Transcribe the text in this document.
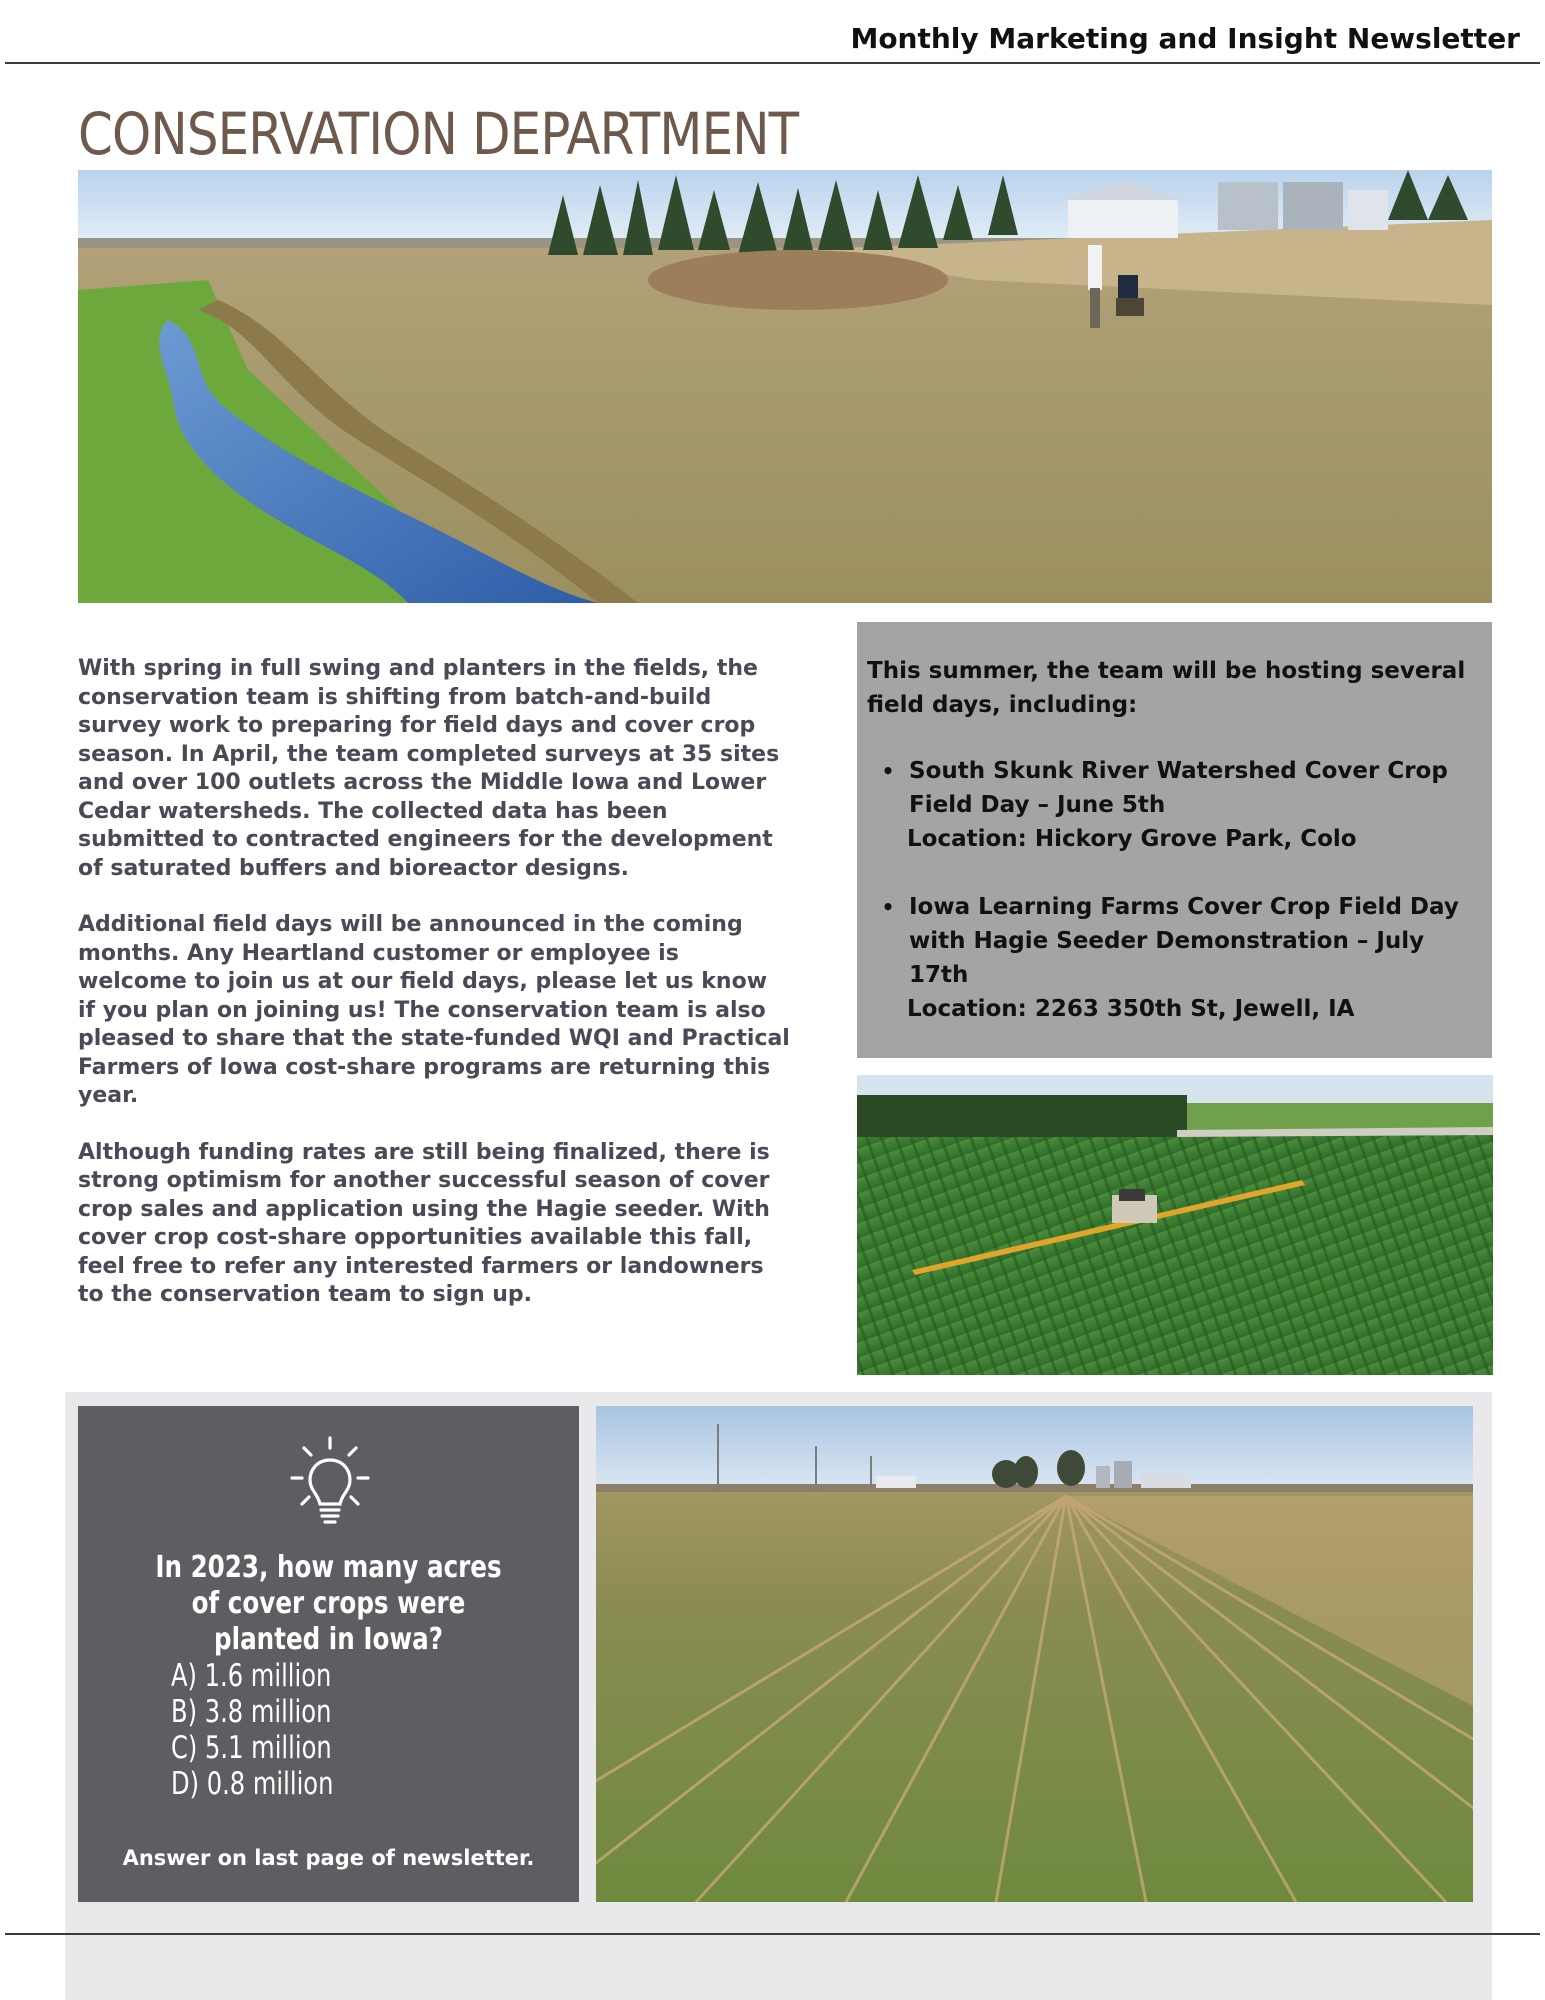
Monthly Marketing and Insight Newsletter
CONSERVATION DEPARTMENT

With spring in full swing and planters in the fields, the conservation team is shifting from batch-and-build survey work to preparing for field days and cover crop season. In April, the team completed surveys at 35 sites and over 100 outlets across the Middle Iowa and Lower Cedar watersheds. The collected data has been submitted to contracted engineers for the development of saturated buffers and bioreactor designs.

Additional field days will be announced in the coming months. Any Heartland customer or employee is welcome to join us at our field days, please let us know if you plan on joining us! The conservation team is also pleased to share that the state-funded WQI and Practical Farmers of Iowa cost-share programs are returning this year.

Although funding rates are still being finalized, there is strong optimism for another successful season of cover crop sales and application using the Hagie seeder. With cover crop cost-share opportunities available this fall, feel free to refer any interested farmers or landowners to the conservation team to sign up.

This summer, the team will be hosting several field days, including:
• South Skunk River Watershed Cover Crop Field Day – June 5th
Location: Hickory Grove Park, Colo
• Iowa Learning Farms Cover Crop Field Day with Hagie Seeder Demonstration – July 17th
Location: 2263 350th St, Jewell, IA
In 2023, how many acres of cover crops were planted in Iowa?
A) 1.6 million
B) 3.8 million
C) 5.1 million
D) 0.8 million
Answer on last page of newsletter.
